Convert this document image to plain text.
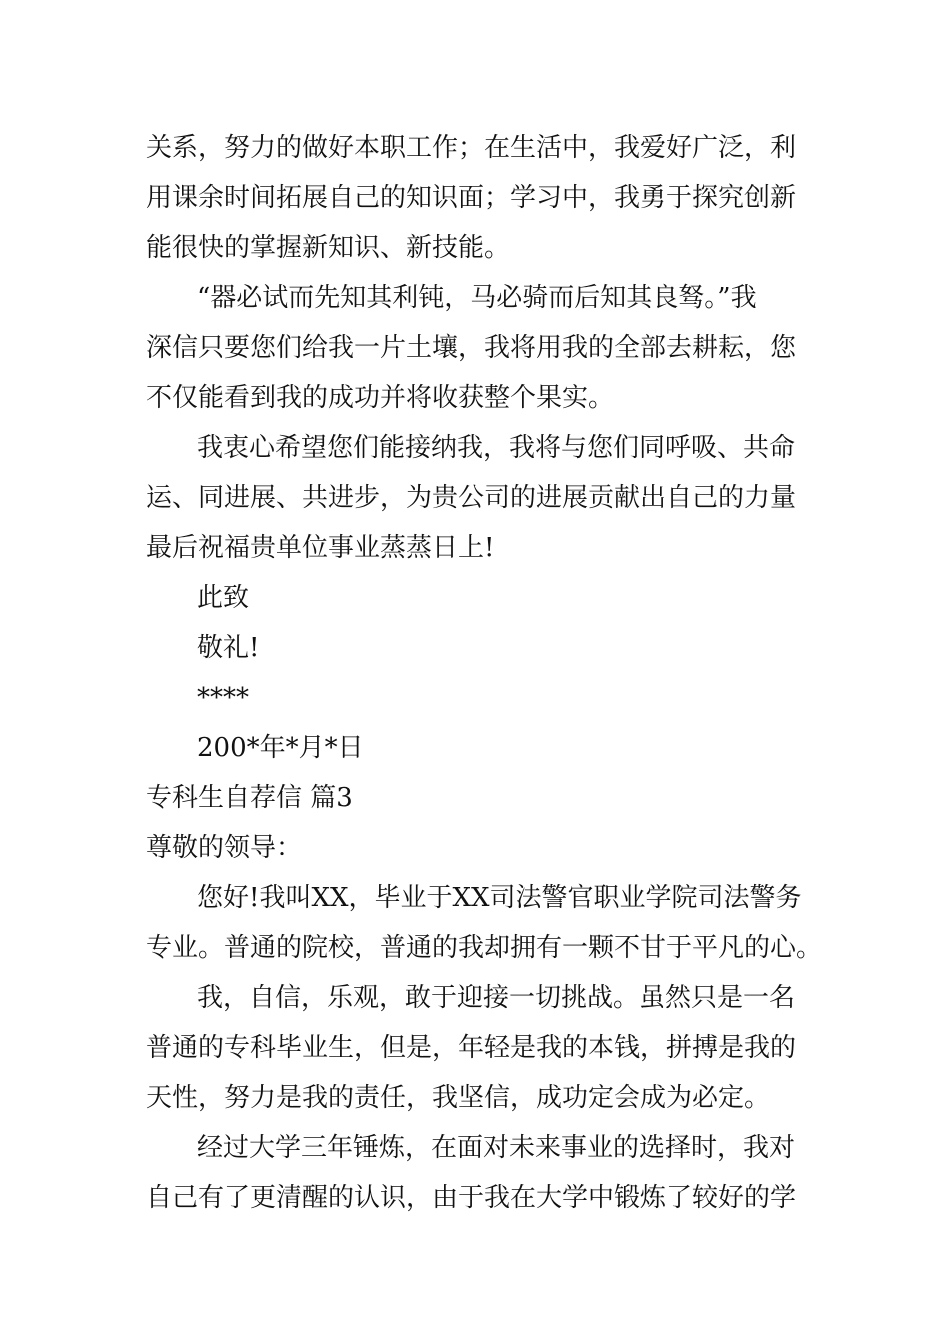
关系，努力的做好本职工作；在生活中，我爱好广泛，利

用课余时间拓展自己的知识面；学习中，我勇于探究创新

能很快的掌握新知识、新技能。

“器必试而先知其利钝，马必骑而后知其良驽。”我

深信只要您们给我一片土壤，我将用我的全部去耕耘，您

不仅能看到我的成功并将收获整个果实。

我衷心希望您们能接纳我，我将与您们同呼吸、共命

运、同进展、共进步，为贵公司的进展贡献出自己的力量

最后祝福贵单位事业蒸蒸日上!

此致

敬礼!

****

200*年*月*日

专科生自荐信 篇3

尊敬的领导：

您好!我叫XX，毕业于XX司法警官职业学院司法警务

专业。普通的院校，普通的我却拥有一颗不甘于平凡的心。

我，自信，乐观，敢于迎接一切挑战。虽然只是一名

普通的专科毕业生，但是，年轻是我的本钱，拼搏是我的

天性，努力是我的责任，我坚信，成功定会成为必定。

经过大学三年锤炼，在面对未来事业的选择时，我对

自己有了更清醒的认识，由于我在大学中锻炼了较好的学
